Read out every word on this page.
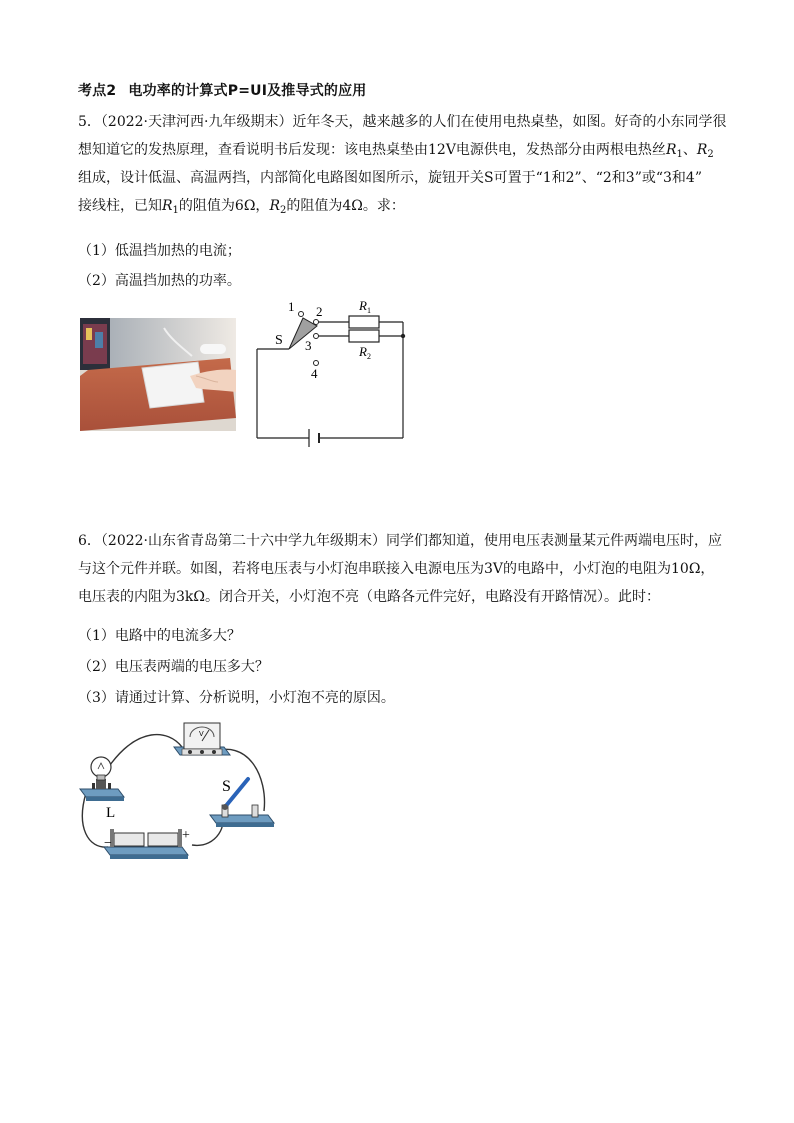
考点2 电功率的计算式P=UI及推导式的应用
5．（2022·天津河西·九年级期末）近年冬天，越来越多的人们在使用电热桌垫，如图。好奇的小东同学很
想知道它的发热原理，查看说明书后发现：该电热桌垫由12V电源供电，发热部分由两根电热丝$R_1$、$R_2$
组成，设计低温、高温两挡，内部简化电路图如图所示，旋钮开关S可置于“1和2”、“2和3”或“3和4”
接线柱，已知$R_1$的阻值为6Ω，$R_2$的阻值为4Ω。求：
（1）低温挡加热的电流；
（2）高温挡加热的功率。
1 2
3
4
S
$R_1$
$R_2$
6．（2022·山东省青岛第二十六中学九年级期末）同学们都知道，使用电压表测量某元件两端电压时，应
与这个元件并联。如图，若将电压表与小灯泡串联接入电源电压为3V的电路中，小灯泡的电阻为10Ω，
电压表的内阻为3kΩ。闭合开关，小灯泡不亮（电路各元件完好，电路没有开路情况）。此时：
（1）电路中的电流多大？
（2）电压表两端的电压多大？
（3）请通过计算、分析说明，小灯泡不亮的原因。
L
S
V
−
+
